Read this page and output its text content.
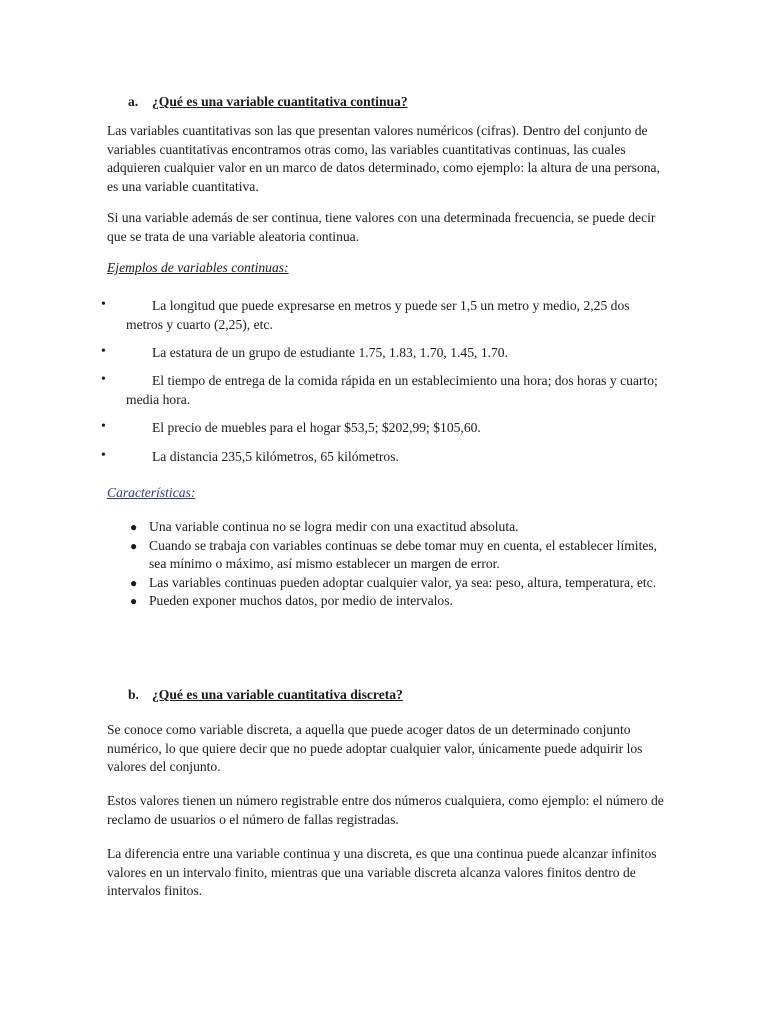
a. ¿Qué es una variable cuantitativa continua?

Las variables cuantitativas son las que presentan valores numéricos (cifras). Dentro del conjunto de variables cuantitativas encontramos otras como, las variables cuantitativas continuas, las cuales adquieren cualquier valor en un marco de datos determinado, como ejemplo: la altura de una persona, es una variable cuantitativa.

Si una variable además de ser continua, tiene valores con una determinada frecuencia, se puede decir que se trata de una variable aleatoria continua.

Ejemplos de variables continuas:
•	La longitud que puede expresarse en metros y puede ser 1,5 un metro y medio, 2,25 dos metros y cuarto (2,25), etc.

•	La estatura de un grupo de estudiante 1.75, 1.83, 1.70, 1.45, 1.70.

•	El tiempo de entrega de la comida rápida en un establecimiento una hora; dos horas y cuarto; media hora.

•	El precio de muebles para el hogar $53,5; $202,99; $105,60.

•	La distancia 235,5 kilómetros, 65 kilómetros.

Características:
● Una variable continua no se logra medir con una exactitud absoluta.
● Cuando se trabaja con variables continuas se debe tomar muy en cuenta, el establecer límites, sea mínimo o máximo, así mismo establecer un margen de error.
● Las variables continuas pueden adoptar cualquier valor, ya sea: peso, altura, temperatura, etc.
● Pueden exponer muchos datos, por medio de intervalos.
b. ¿Qué es una variable cuantitativa discreta?

Se conoce como variable discreta, a aquella que puede acoger datos de un determinado conjunto numérico, lo que quiere decir que no puede adoptar cualquier valor, únicamente puede adquirir los valores del conjunto.

Estos valores tienen un número registrable entre dos números cualquiera, como ejemplo: el número de reclamo de usuarios o el número de fallas registradas.

La diferencia entre una variable continua y una discreta, es que una continua puede alcanzar infinitos valores en un intervalo finito, mientras que una variable discreta alcanza valores finitos dentro de intervalos finitos.
